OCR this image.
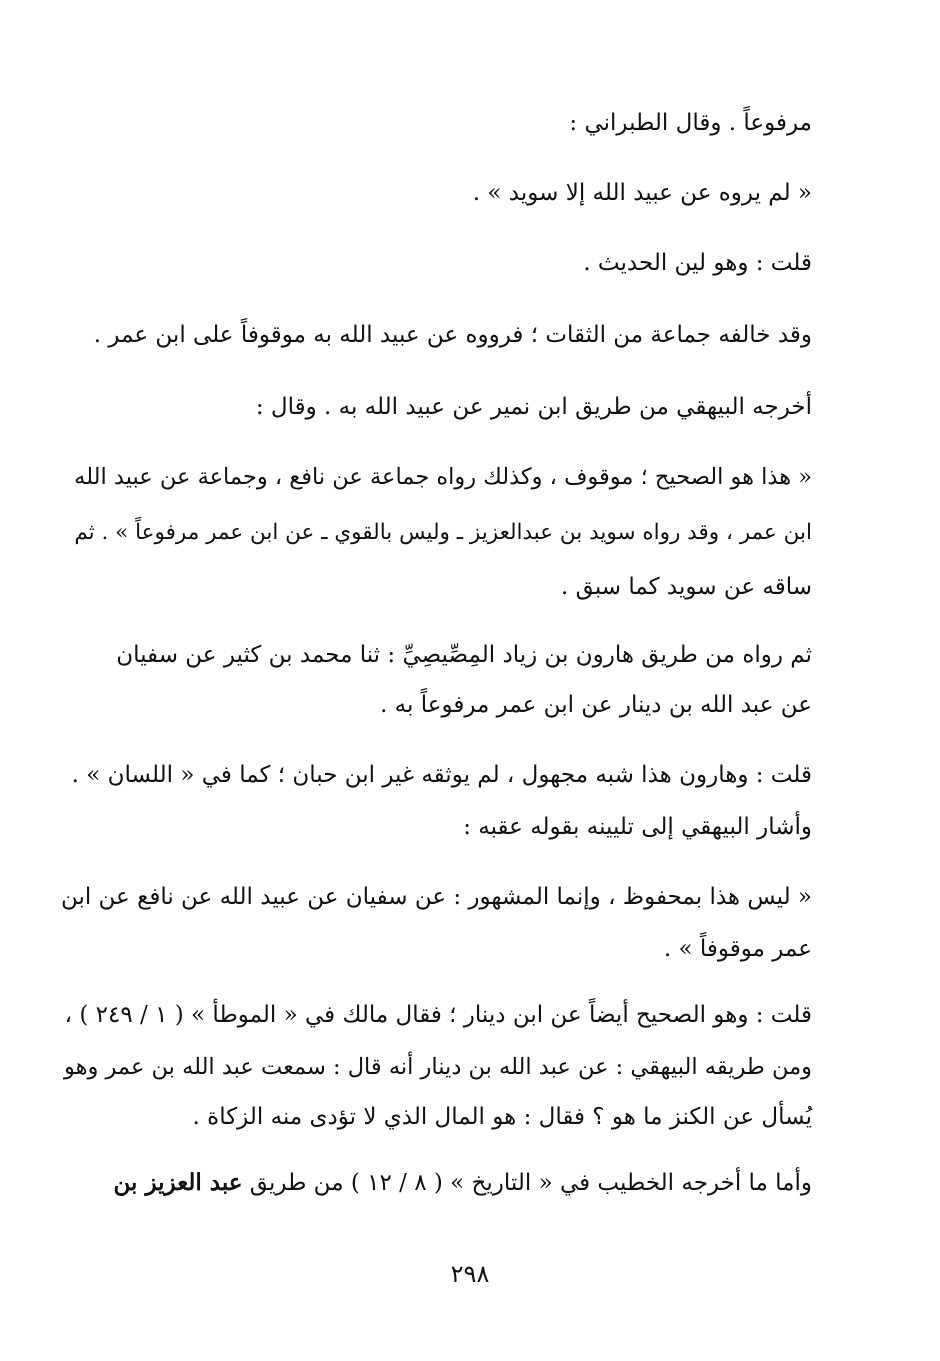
مرفوعاً . وقال الطبراني :
« لم يروه عن عبيد الله إلا سويد » .
قلت : وهو لين الحديث .
وقد خالفه جماعة من الثقات ؛ فرووه عن عبيد الله به موقوفاً على ابن عمر .
أخرجه البيهقي من طريق ابن نمير عن عبيد الله به . وقال :
« هذا هو الصحيح ؛ موقوف ، وكذلك رواه جماعة عن نافع ، وجماعة عن عبيد الله
ابن عمر ، وقد رواه سويد بن عبدالعزيز ـ وليس بالقوي ـ عن ابن عمر مرفوعاً » . ثم
ساقه عن سويد كما سبق .
ثم رواه من طريق هارون بن زياد المِصِّيصِيِّ : ثنا محمد بن كثير عن سفيان
عن عبد الله بن دينار عن ابن عمر مرفوعاً به .
قلت : وهارون هذا شبه مجهول ، لم يوثقه غير ابن حبان ؛ كما في « اللسان » .
وأشار البيهقي إلى تليينه بقوله عقبه :
« ليس هذا بمحفوظ ، وإنما المشهور : عن سفيان عن عبيد الله عن نافع عن ابن
عمر موقوفاً » .
قلت : وهو الصحيح أيضاً عن ابن دينار ؛ فقال مالك في « الموطأ » ( ١ / ٢٤٩ ) ،
ومن طريقه البيهقي : عن عبد الله بن دينار أنه قال : سمعت عبد الله بن عمر وهو
يُسأل عن الكنز ما هو ؟ فقال : هو المال الذي لا تؤدى منه الزكاة .
وأما ما أخرجه الخطيب في « التاريخ » ( ٨ / ١٢ ) من طريق عبد العزيز بن
٢٩٨
